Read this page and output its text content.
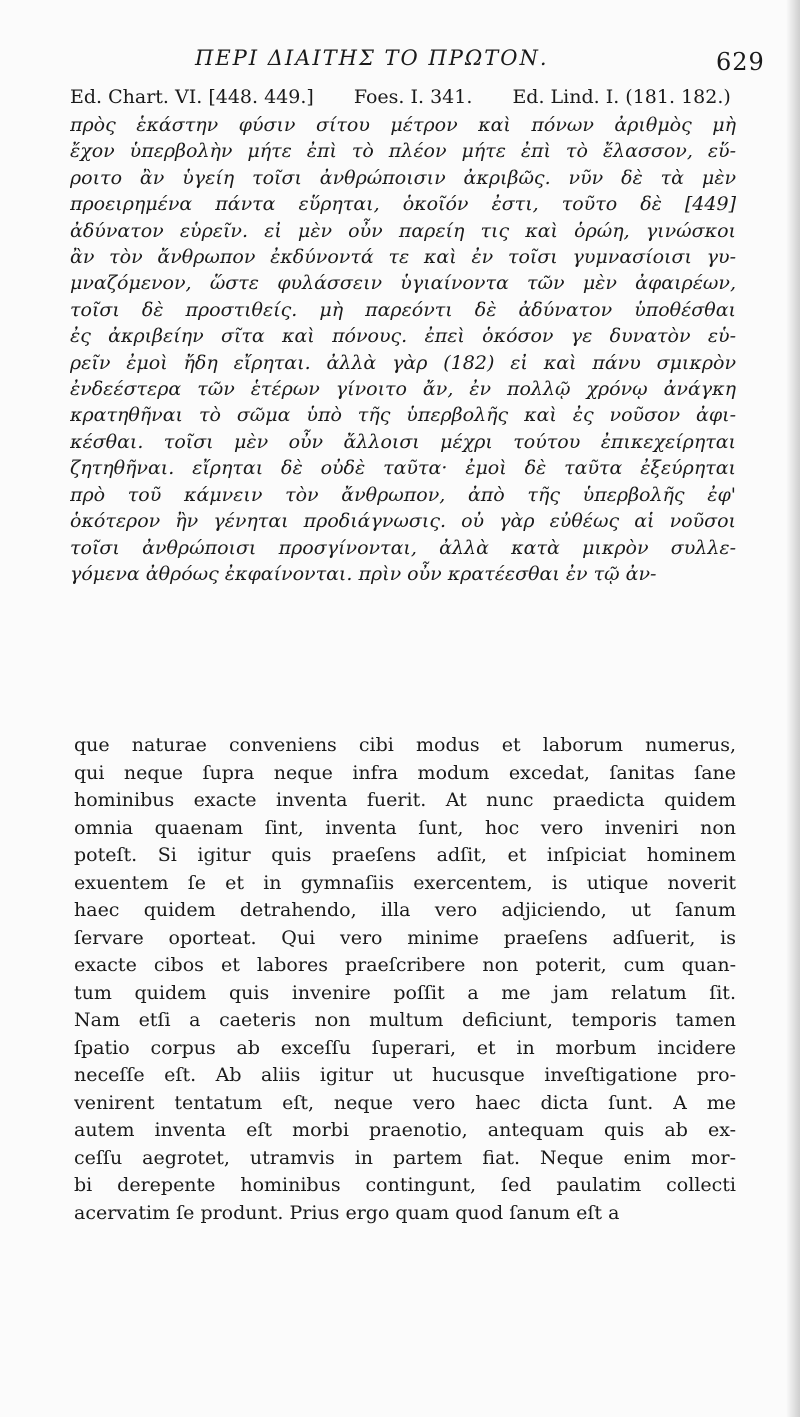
ΠΕΡΙ ΔΙΑΙΤΗΣ ΤΟ ΠΡΩΤΟΝ.	629
Ed. Chart. VI. [448. 449.] Foes. I. 341. Ed. Lind. I. (181. 182.)
πρὸς ἑκάστην φύσιν σίτου μέτρον καὶ πόνων ἀριθμὸς μὴ
ἔχον ὑπερβολὴν μήτε ἐπὶ τὸ πλέον μήτε ἐπὶ τὸ ἔλασσον, εὕ-
ροιτο ἂν ὑγείη τοῖσι ἀνθρώποισιν ἀκριβῶς. νῦν δὲ τὰ μὲν
προειρημένα πάντα εὕρηται, ὁκοῖόν ἐστι, τοῦτο δὲ [449]
ἀδύνατον εὑρεῖν. εἰ μὲν οὖν παρείη τις καὶ ὁρώη, γινώσκοι
ἂν τὸν ἄνθρωπον ἐκδύνοντά τε καὶ ἐν τοῖσι γυμνασίοισι γυ-
μναζόμενον, ὥστε φυλάσσειν ὑγιαίνοντα τῶν μὲν ἀφαιρέων,
τοῖσι δὲ προστιθείς. μὴ παρεόντι δὲ ἀδύνατον ὑποθέσθαι
ἐς ἀκριβείην σῖτα καὶ πόνους. ἐπεὶ ὁκόσον γε δυνατὸν εὑ-
ρεῖν ἐμοὶ ἤδη εἴρηται. ἀλλὰ γὰρ (182) εἰ καὶ πάνυ σμικρὸν
ἐνδεέστερα τῶν ἑτέρων γίνοιτο ἄν, ἐν πολλῷ χρόνῳ ἀνάγκη
κρατηθῆναι τὸ σῶμα ὑπὸ τῆς ὑπερβολῆς καὶ ἐς νοῦσον ἀφι-
κέσθαι. τοῖσι μὲν οὖν ἄλλοισι μέχρι τούτου ἐπικεχείρηται
ζητηθῆναι. εἴρηται δὲ οὐδὲ ταῦτα· ἐμοὶ δὲ ταῦτα ἐξεύρηται
πρὸ τοῦ κάμνειν τὸν ἄνθρωπον, ἀπὸ τῆς ὑπερβολῆς ἐφ'
ὁκότερον ἢν γένηται προδιάγνωσις. οὐ γὰρ εὐθέως αἱ νοῦσοι
τοῖσι ἀνθρώποισι προσγίνονται, ἀλλὰ κατὰ μικρὸν συλλε-
γόμενα ἀθρόως ἐκφαίνονται. πρὶν οὖν κρατέεσθαι ἐν τῷ ἀν-
que naturae conveniens cibi modus et laborum numerus,
qui neque ſupra neque infra modum excedat, ſanitas ſane
hominibus exacte inventa fuerit. At nunc praedicta quidem
omnia quaenam ſint, inventa ſunt, hoc vero inveniri non
poteſt. Si igitur quis praeſens adſit, et inſpiciat hominem
exuentem ſe et in gymnaſiis exercentem, is utique noverit
haec quidem detrahendo, illa vero adjiciendo, ut ſanum
ſervare oporteat. Qui vero minime praeſens adſuerit, is
exacte cibos et labores praeſcribere non poterit, cum quan-
tum quidem quis invenire poſſit a me jam relatum ſit.
Nam etſi a caeteris non multum deficiunt, temporis tamen
ſpatio corpus ab exceſſu ſuperari, et in morbum incidere
neceſſe eſt. Ab aliis igitur ut hucusque inveſtigatione pro-
venirent tentatum eſt, neque vero haec dicta ſunt. A me
autem inventa eſt morbi praenotio, antequam quis ab ex-
ceſſu aegrotet, utramvis in partem fiat. Neque enim mor-
bi derepente hominibus contingunt, ſed paulatim collecti
acervatim ſe produnt. Prius ergo quam quod ſanum eſt a
